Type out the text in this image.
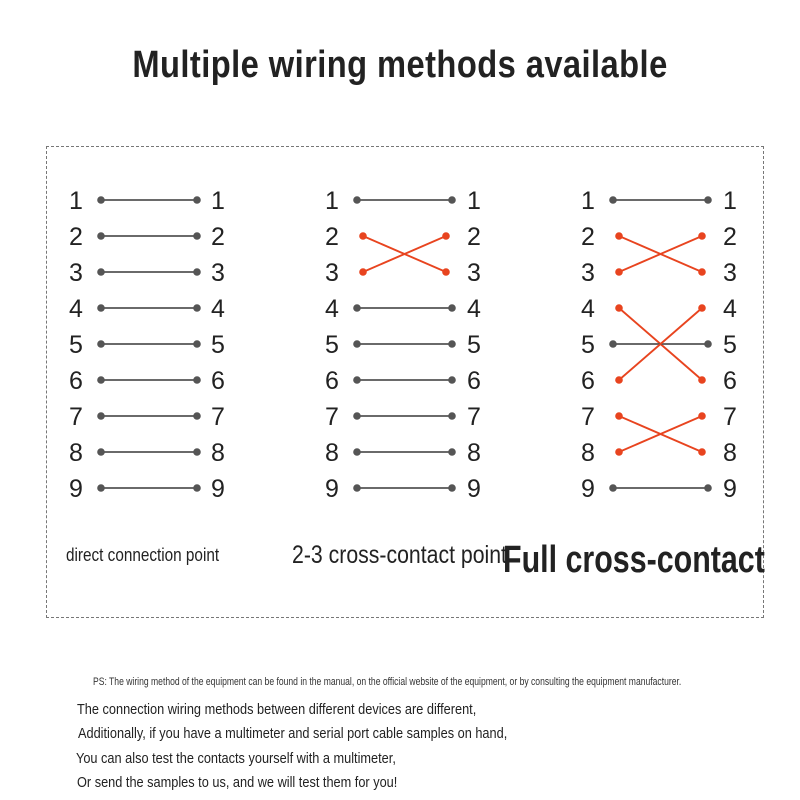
Multiple wiring methods available
1	1
2	2
3	3
4	4
5	5
6	6
7	7
8	8
9	9
1	1
2	2
3	3
4	4
5	5
6	6
7	7
8	8
9	9
1	1
2	2
3	3
4	4
5	5
6	6
7	7
8	8
9	9
direct connection point	2-3 cross-contact point
Full cross-contact
PS: The wiring method of the equipment can be found in the manual, on the official website of the equipment, or by consulting the equipment manufacturer.
The connection wiring methods between different devices are different,
Additionally, if you have a multimeter and serial port cable samples on hand,
You can also test the contacts yourself with a multimeter,
Or send the samples to us, and we will test them for you!
